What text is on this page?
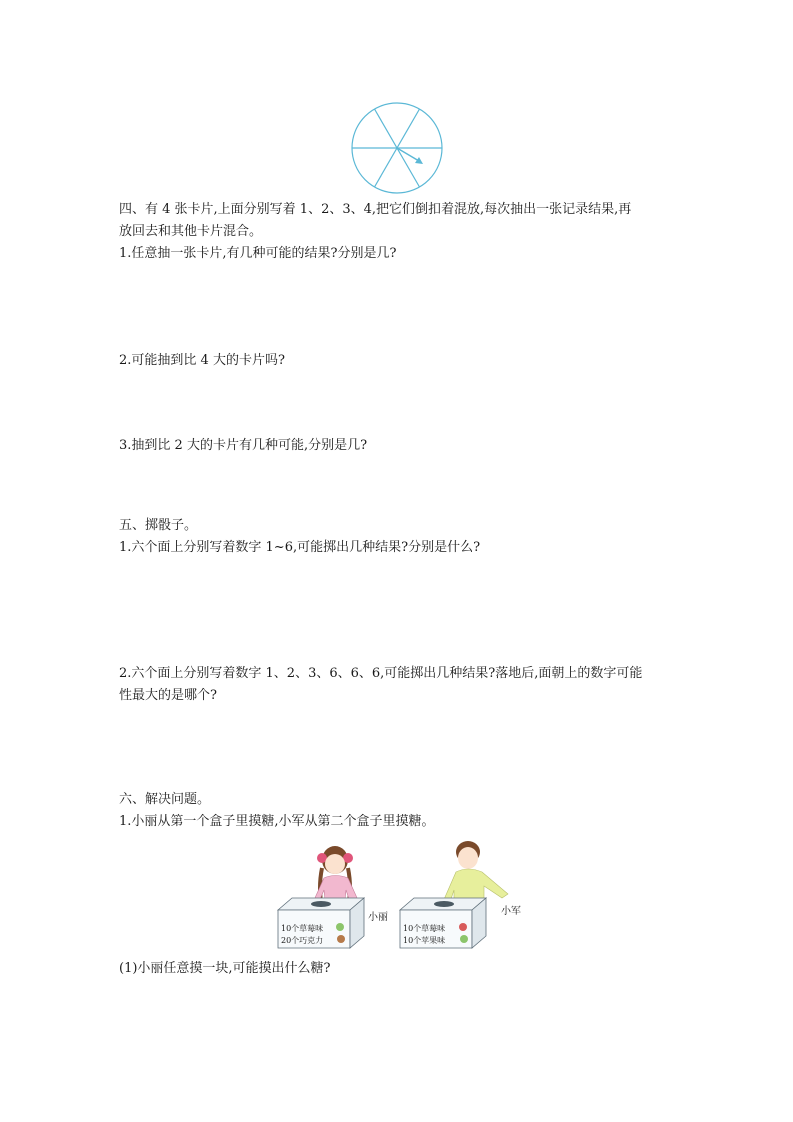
四、有 4 张卡片,上面分别写着 1、2、3、4,把它们倒扣着混放,每次抽出一张记录结果,再
放回去和其他卡片混合。
1.任意抽一张卡片,有几种可能的结果?分别是几?
2.可能抽到比 4 大的卡片吗?
3.抽到比 2 大的卡片有几种可能,分别是几?
五、掷骰子。
1.六个面上分别写着数字 1~6,可能掷出几种结果?分别是什么?
2.六个面上分别写着数字 1、2、3、6、6、6,可能掷出几种结果?落地后,面朝上的数字可能
性最大的是哪个?
六、解决问题。
1.小丽从第一个盒子里摸糖,小军从第二个盒子里摸糖。
10个草莓味
20个巧克力
小丽
10个草莓味
10个苹果味
小军
(1)小丽任意摸一块,可能摸出什么糖?
